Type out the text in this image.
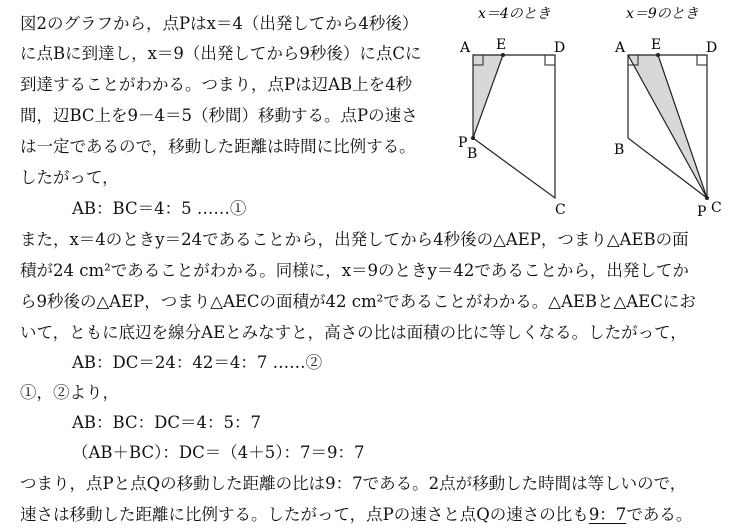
図2のグラフから，点Pはx＝4（出発してから4秒後）
に点Bに到達し，x＝9（出発してから9秒後）に点Cに
到達することがわかる。つまり，点Pは辺AB上を4秒
間，辺BC上を9－4＝5（秒間）移動する。点Pの速さ
は一定であるので，移動した距離は時間に比例する。
したがって，
AB：BC＝4：5 ……①
x＝4のとき	x＝9のとき
A E	D
P
B
C
A E	D
B
P C
また，x＝4のときy＝24であることから，出発してから4秒後の△AEP，つまり△AEBの面
積が24 cm²であることがわかる。同様に，x＝9のときy＝42であることから，出発してか
ら9秒後の△AEP，つまり△AECの面積が42 cm²であることがわかる。△AEBと△AECにお
いて，ともに底辺を線分AEとみなすと，高さの比は面積の比に等しくなる。したがって，
AB：DC＝24：42＝4：7 ……②
①，②より，
AB：BC：DC＝4：5：7
（AB＋BC）：DC＝（4＋5）：7＝9：7
つまり，点Pと点Qの移動した距離の比は9：7である。2点が移動した時間は等しいので，
速さは移動した距離に比例する。したがって，点Pの速さと点Qの速さの比も9：7である。
